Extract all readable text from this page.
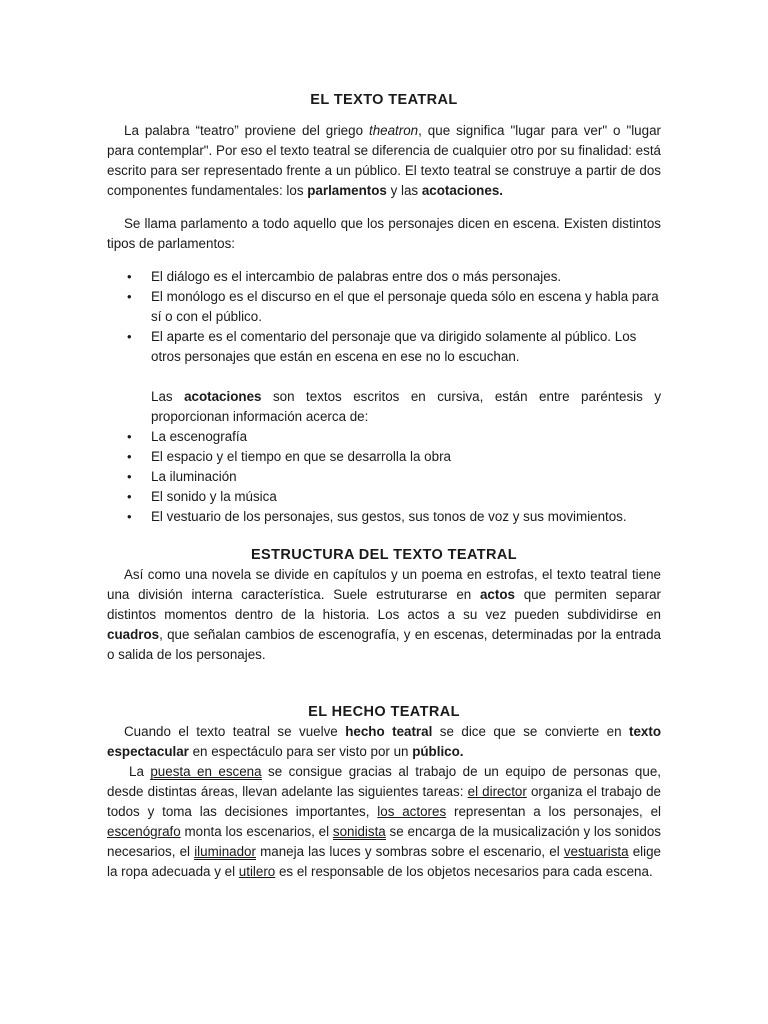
EL TEXTO TEATRAL

La palabra “teatro” proviene del griego theatron, que significa "lugar para ver" o "lugar para contemplar". Por eso el texto teatral se diferencia de cualquier otro por su finalidad: está escrito para ser representado frente a un público. El texto teatral se construye a partir de dos componentes fundamentales: los parlamentos y las acotaciones.

Se llama parlamento a todo aquello que los personajes dicen en escena. Existen distintos tipos de parlamentos:

• El diálogo es el intercambio de palabras entre dos o más personajes.
• El monólogo es el discurso en el que el personaje queda sólo en escena y habla para sí o con el público.
• El aparte es el comentario del personaje que va dirigido solamente al público. Los otros personajes que están en escena en ese no lo escuchan.

Las acotaciones son textos escritos en cursiva, están entre paréntesis y proporcionan información acerca de:

• La escenografía
• El espacio y el tiempo en que se desarrolla la obra
• La iluminación
• El sonido y la música
• El vestuario de los personajes, sus gestos, sus tonos de voz y sus movimientos.
ESTRUCTURA DEL TEXTO TEATRAL

Así como una novela se divide en capítulos y un poema en estrofas, el texto teatral tiene una división interna característica. Suele estruturarse en actos que permiten separar distintos momentos dentro de la historia. Los actos a su vez pueden subdividirse en cuadros, que señalan cambios de escenografía, y en escenas, determinadas por la entrada o salida de los personajes.

EL HECHO TEATRAL

Cuando el texto teatral se vuelve hecho teatral se dice que se convierte en texto espectacular en espectáculo para ser visto por un público.

La puesta en escena se consigue gracias al trabajo de un equipo de personas que, desde distintas áreas, llevan adelante las siguientes tareas: el director organiza el trabajo de todos y toma las decisiones importantes, los actores representan a los personajes, el escenógrafo monta los escenarios, el sonidista se encarga de la musicalización y los sonidos necesarios, el iluminador maneja las luces y sombras sobre el escenario, el vestuarista elige la ropa adecuada y el utilero es el responsable de los objetos necesarios para cada escena.
